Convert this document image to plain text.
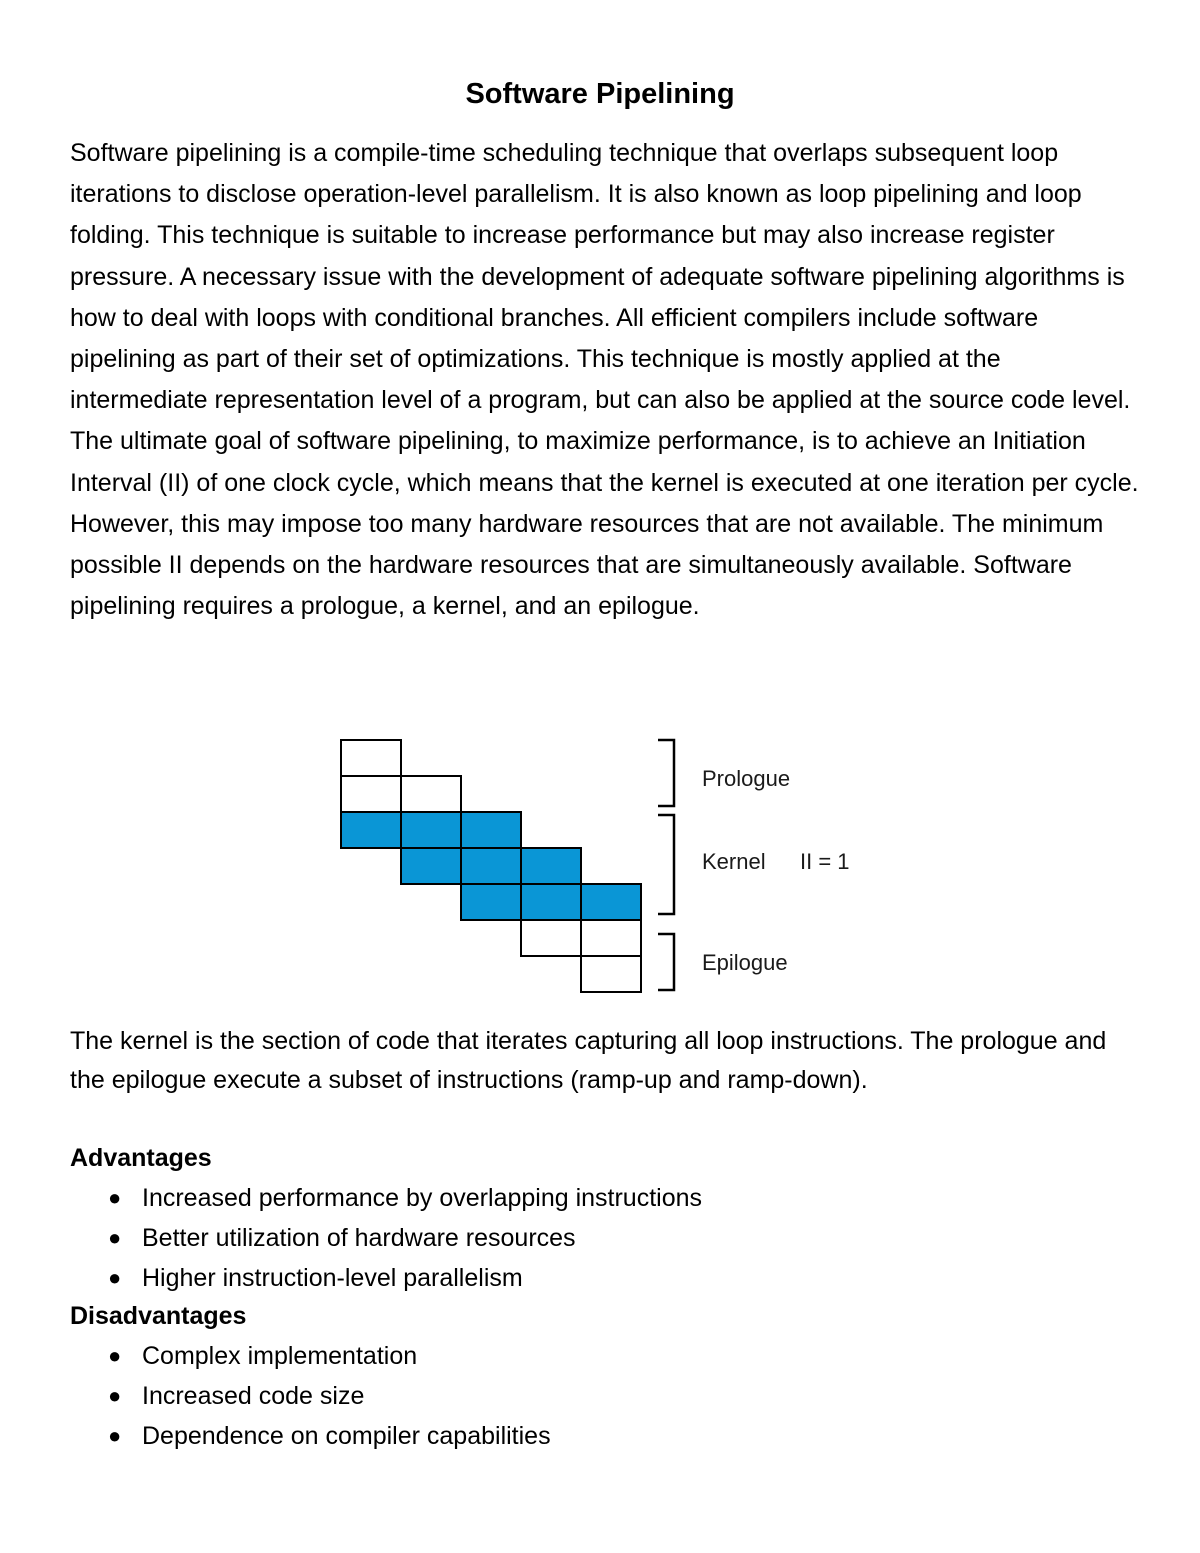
Software Pipelining
Software pipelining is a compile-time scheduling technique that overlaps subsequent loop iterations to disclose operation-level parallelism. It is also known as loop pipelining and loop folding. This technique is suitable to increase performance but may also increase register pressure. A necessary issue with the development of adequate software pipelining algorithms is how to deal with loops with conditional branches. All efficient compilers include software pipelining as part of their set of optimizations. This technique is mostly applied at the intermediate representation level of a program, but can also be applied at the source code level. The ultimate goal of software pipelining, to maximize performance, is to achieve an Initiation Interval (II) of one clock cycle, which means that the kernel is executed at one iteration per cycle. However, this may impose too many hardware resources that are not available. The minimum possible II depends on the hardware resources that are simultaneously available. Software pipelining requires a prologue, a kernel, and an epilogue.
Prologue
Kernel II = 1
Epilogue
The kernel is the section of code that iterates capturing all loop instructions. The prologue and the epilogue execute a subset of instructions (ramp-up and ramp-down).
Advantages
● Increased performance by overlapping instructions
● Better utilization of hardware resources
● Higher instruction-level parallelism
Disadvantages
● Complex implementation
● Increased code size
● Dependence on compiler capabilities
